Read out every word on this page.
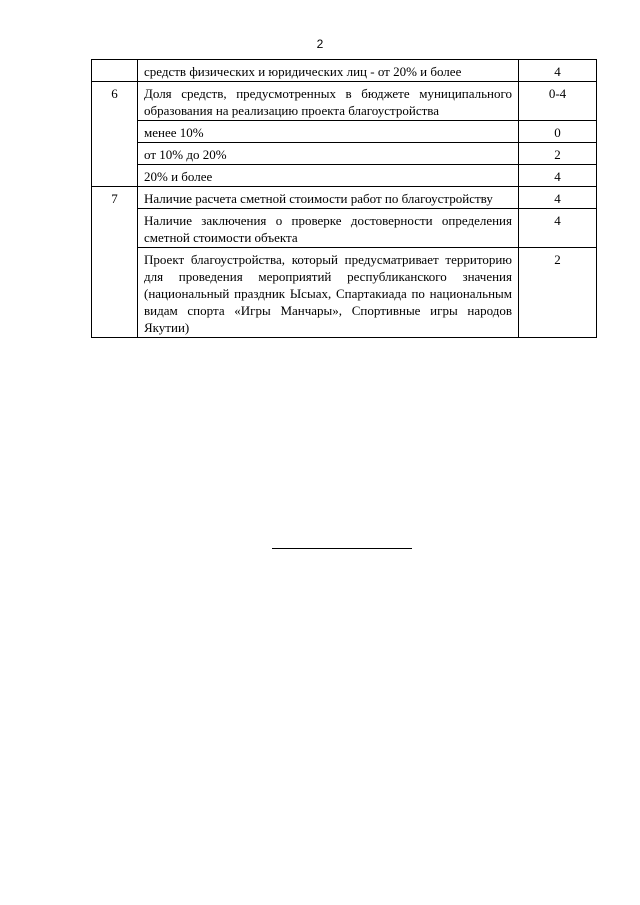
2
	средств физических и юридических лиц - от 20% и более	4
6	Доля средств, предусмотренных в бюджете муниципального образования на реализацию проекта благоустройства	0-4
	менее 10%	0
	от 10% до 20%	2
	20% и более	4
7	Наличие расчета сметной стоимости работ по благоустройству	4
	Наличие заключения о проверке достоверности определения сметной стоимости объекта	4
	Проект благоустройства, который предусматривает территорию для проведения мероприятий республиканского значения (национальный праздник Ысыах, Спартакиада по национальным видам спорта «Игры Манчары», Спортивные игры народов Якутии)	2
